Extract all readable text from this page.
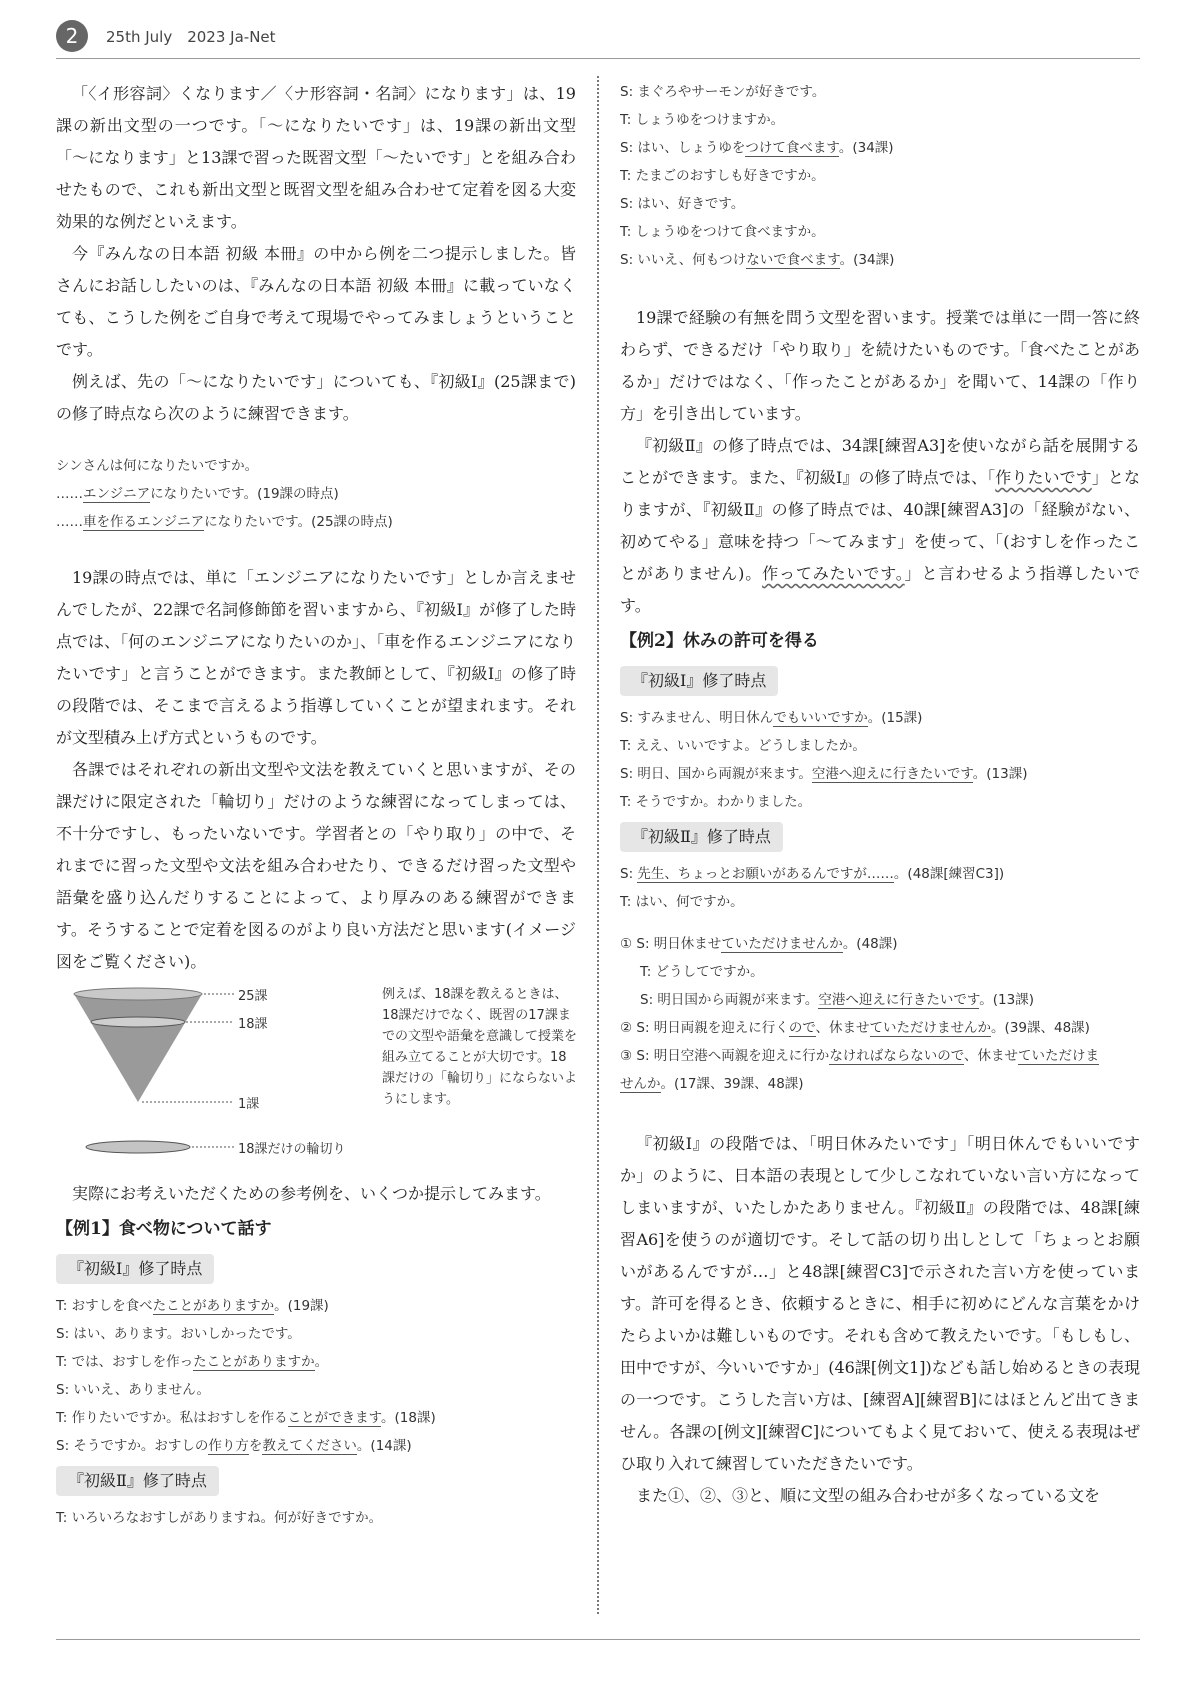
2	25th July　2023 Ja-Net

「〈イ形容詞〉くなります／〈ナ形容詞・名詞〉になります」は、19課の新出文型の一つです。「〜になりたいです」は、19課の新出文型「〜になります」と13課で習った既習文型「〜たいです」とを組み合わせたもので、これも新出文型と既習文型を組み合わせて定着を図る大変効果的な例だといえます。

今『みんなの日本語 初級 本冊』の中から例を二つ提示しました。皆さんにお話ししたいのは、『みんなの日本語 初級 本冊』に載っていなくても、こうした例をご自身で考えて現場でやってみましょうということです。

例えば、先の「〜になりたいです」についても、『初級Ⅰ』(25課まで)の修了時点なら次のように練習できます。

シンさんは何になりたいですか。

……エンジニアになりたいです。(19課の時点)

……車を作るエンジニアになりたいです。(25課の時点)

19課の時点では、単に「エンジニアになりたいです」としか言えませんでしたが、22課で名詞修飾節を習いますから、『初級Ⅰ』が修了した時点では、「何のエンジニアになりたいのか」、「車を作るエンジニアになりたいです」と言うことができます。また教師として、『初級Ⅰ』の修了時の段階では、そこまで言えるよう指導していくことが望まれます。それが文型積み上げ方式というものです。

各課ではそれぞれの新出文型や文法を教えていくと思いますが、その課だけに限定された「輪切り」だけのような練習になってしまっては、不十分ですし、もったいないです。学習者との「やり取り」の中で、それまでに習った文型や文法を組み合わせたり、できるだけ習った文型や語彙を盛り込んだりすることによって、より厚みのある練習ができます。そうすることで定着を図るのがより良い方法だと思います(イメージ図をご覧ください)。

25課
18課
1課
18課だけの輪切り
例えば、18課を教えるときは、18課だけでなく、既習の17課までの文型や語彙を意識して授業を組み立てることが大切です。18課だけの「輪切り」にならないようにします。

実際にお考えいただくための参考例を、いくつか提示してみます。

【例1】食べ物について話す
『初級Ⅰ』修了時点

T: おすしを食べたことがありますか。(19課)

S: はい、あります。おいしかったです。

T: では、おすしを作ったことがありますか。

S: いいえ、ありません。

T: 作りたいですか。私はおすしを作ることができます。(18課)

S: そうですか。おすしの作り方を教えてください。(14課)

『初級Ⅱ』修了時点

T: いろいろなおすしがありますね。何が好きですか。

S: まぐろやサーモンが好きです。

T: しょうゆをつけますか。

S: はい、しょうゆをつけて食べます。(34課)

T: たまごのおすしも好きですか。

S: はい、好きです。

T: しょうゆをつけて食べますか。

S: いいえ、何もつけないで食べます。(34課)

19課で経験の有無を問う文型を習います。授業では単に一問一答に終わらず、できるだけ「やり取り」を続けたいものです。「食べたことがあるか」だけではなく、「作ったことがあるか」を聞いて、14課の「作り方」を引き出しています。

『初級Ⅱ』の修了時点では、34課[練習A3]を使いながら話を展開することができます。また、『初級Ⅰ』の修了時点では、「作りたいです」となりますが、『初級Ⅱ』の修了時点では、40課[練習A3]の「経験がない、初めてやる」意味を持つ「〜てみます」を使って、「(おすしを作ったことがありません)。作ってみたいです。」と言わせるよう指導したいです。

【例2】休みの許可を得る
『初級Ⅰ』修了時点

S: すみません、明日休んでもいいですか。(15課)

T: ええ、いいですよ。どうしましたか。

S: 明日、国から両親が来ます。空港へ迎えに行きたいです。(13課)

T: そうですか。わかりました。

『初級Ⅱ』修了時点

S: 先生、ちょっとお願いがあるんですが……。(48課[練習C3])

T: はい、何ですか。

① S: 明日休ませていただけませんか。(48課)

T: どうしてですか。

S: 明日国から両親が来ます。空港へ迎えに行きたいです。(13課)

② S: 明日両親を迎えに行くので、休ませていただけませんか。(39課、48課)

③ S: 明日空港へ両親を迎えに行かなければならないので、休ませていただけま

せんか。(17課、39課、48課)

『初級Ⅰ』の段階では、「明日休みたいです」「明日休んでもいいですか」のように、日本語の表現として少しこなれていない言い方になってしまいますが、いたしかたありません。『初級Ⅱ』の段階では、48課[練習A6]を使うのが適切です。そして話の切り出しとして「ちょっとお願いがあるんですが…」と48課[練習C3]で示された言い方を使っています。許可を得るとき、依頼するときに、相手に初めにどんな言葉をかけたらよいかは難しいものです。それも含めて教えたいです。「もしもし、田中ですが、今いいですか」(46課[例文1])なども話し始めるときの表現の一つです。こうした言い方は、[練習A][練習B]にはほとんど出てきません。各課の[例文][練習C]についてもよく見ておいて、使える表現はぜひ取り入れて練習していただきたいです。

また①、②、③と、順に文型の組み合わせが多くなっている文を
